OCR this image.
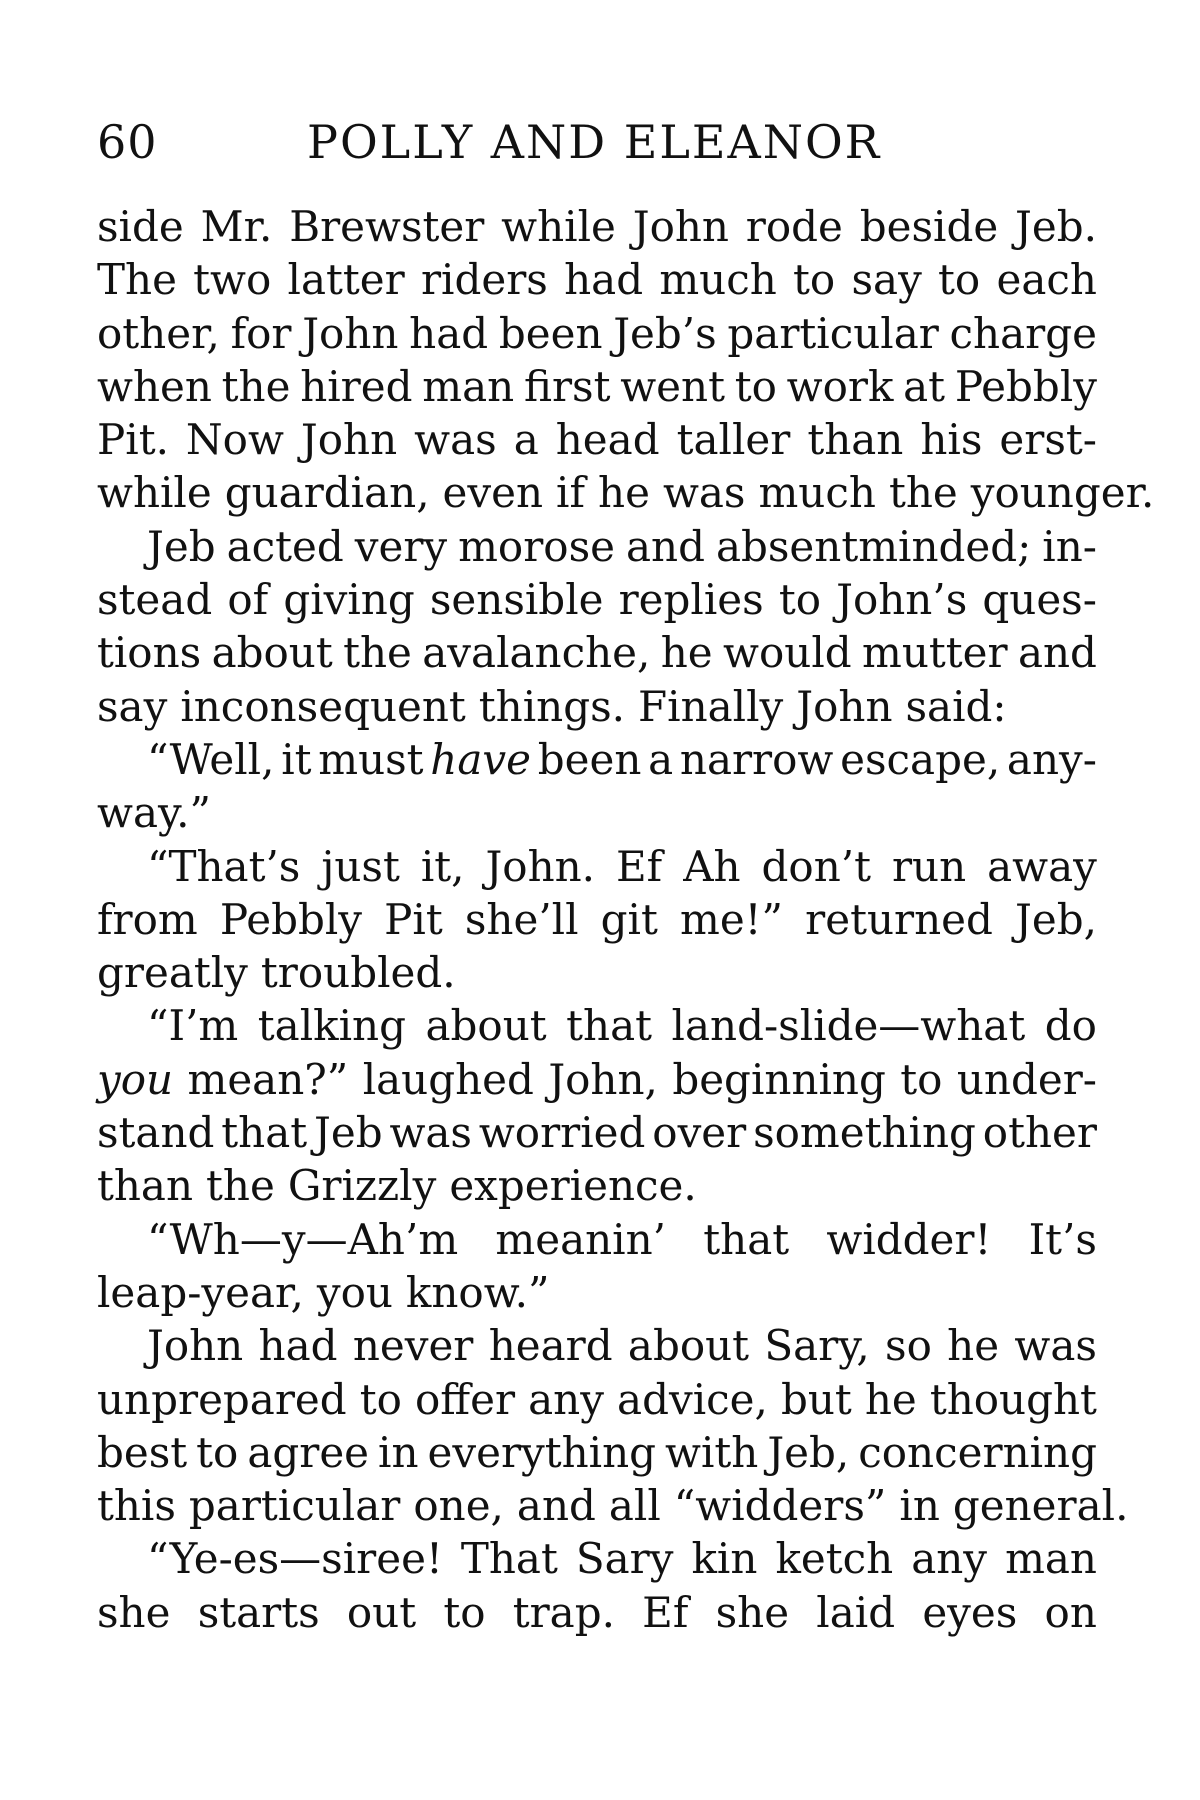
60	POLLY AND ELEANOR
side Mr. Brewster while John rode beside Jeb.
The two latter riders had much to say to each
other, for John had been Jeb’s particular charge
when the hired man first went to work at Pebbly
Pit. Now John was a head taller than his erst-
while guardian, even if he was much the younger.
Jeb acted very morose and absentminded; in-
stead of giving sensible replies to John’s ques-
tions about the avalanche, he would mutter and
say inconsequent things. Finally John said:
“Well, it must have been a narrow escape, any-
way.”
“That’s just it, John. Ef Ah don’t run away
from Pebbly Pit she’ll git me!” returned Jeb,
greatly troubled.
“I’m talking about that land-slide—what do
you mean?” laughed John, beginning to under-
stand that Jeb was worried over something other
than the Grizzly experience.
“Wh—y—Ah’m meanin’ that widder! It’s
leap-year, you know.”
John had never heard about Sary, so he was
unprepared to offer any advice, but he thought
best to agree in everything with Jeb, concerning
this particular one, and all “widders” in general.
“Ye-es—siree! That Sary kin ketch any man
she starts out to trap. Ef she laid eyes on
